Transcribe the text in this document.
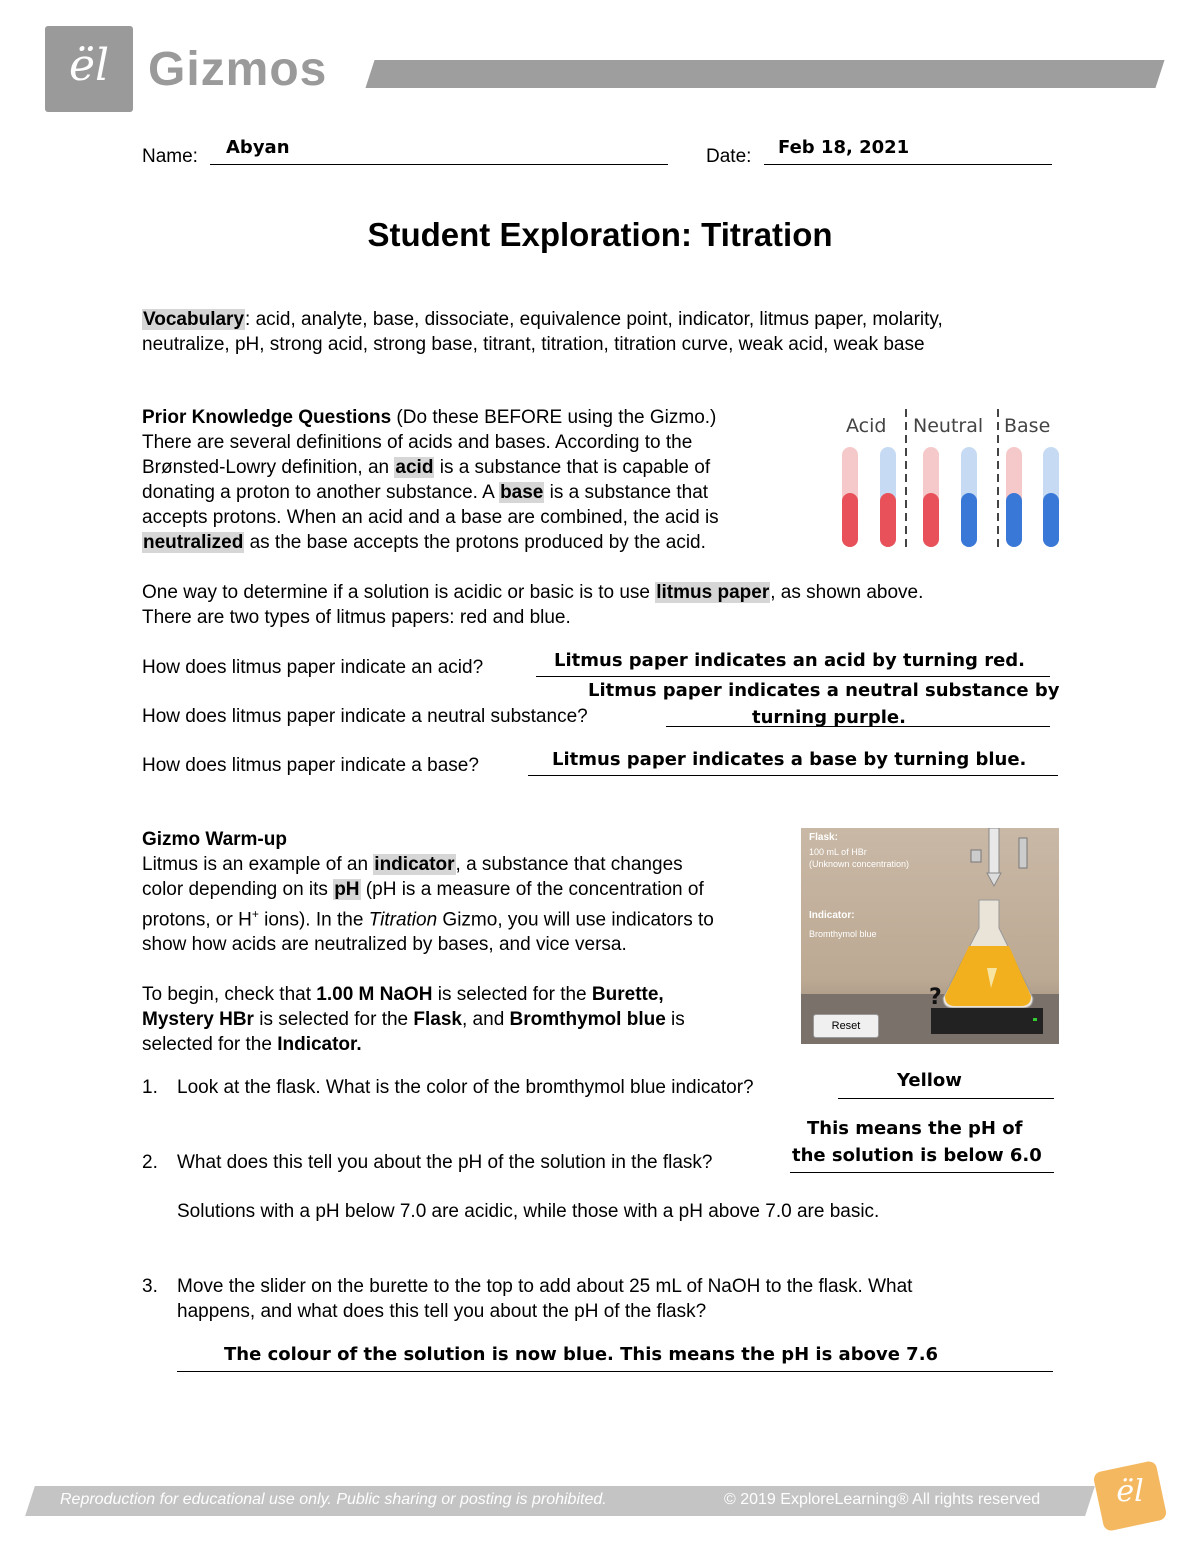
ël Gizmos
Name: Abyan	Date: Feb 18, 2021
Student Exploration: Titration
Vocabulary: acid, analyte, base, dissociate, equivalence point, indicator, litmus paper, molarity,
neutralize, pH, strong acid, strong base, titrant, titration, titration curve, weak acid, weak base
Prior Knowledge Questions (Do these BEFORE using the Gizmo.)
There are several definitions of acids and bases. According to the
Brønsted-Lowry definition, an acid is a substance that is capable of
donating a proton to another substance. A base is a substance that
accepts protons. When an acid and a base are combined, the acid is
neutralized as the base accepts the protons produced by the acid.
Acid Neutral Base
One way to determine if a solution is acidic or basic is to use litmus paper, as shown above.
There are two types of litmus papers: red and blue.
How does litmus paper indicate an acid?	Litmus paper indicates an acid by turning red.
Litmus paper indicates a neutral substance by
How does litmus paper indicate a neutral substance?	turning purple.
How does litmus paper indicate a base?	Litmus paper indicates a base by turning blue.
Gizmo Warm-up
Litmus is an example of an indicator, a substance that changes
color depending on its pH (pH is a measure of the concentration of
protons, or H+ ions). In the Titration Gizmo, you will use indicators to
show how acids are neutralized by bases, and vice versa.

To begin, check that 1.00 M NaOH is selected for the Burette,
Mystery HBr is selected for the Flask, and Bromthymol blue is
selected for the Indicator.
Flask:
100 mL of HBr
(Unknown concentration)
Indicator:
Bromthymol blue
?
Reset
1. Look at the flask. What is the color of the bromthymol blue indicator?	Yellow
This means the pH of
2. What does this tell you about the pH of the solution in the flask?	the solution is below 6.0
Solutions with a pH below 7.0 are acidic, while those with a pH above 7.0 are basic.
3. Move the slider on the burette to the top to add about 25 mL of NaOH to the flask. What
happens, and what does this tell you about the pH of the flask?
The colour of the solution is now blue. This means the pH is above 7.6
Reproduction for educational use only. Public sharing or posting is prohibited.	© 2019 ExploreLearning® All rights reserved	ël
